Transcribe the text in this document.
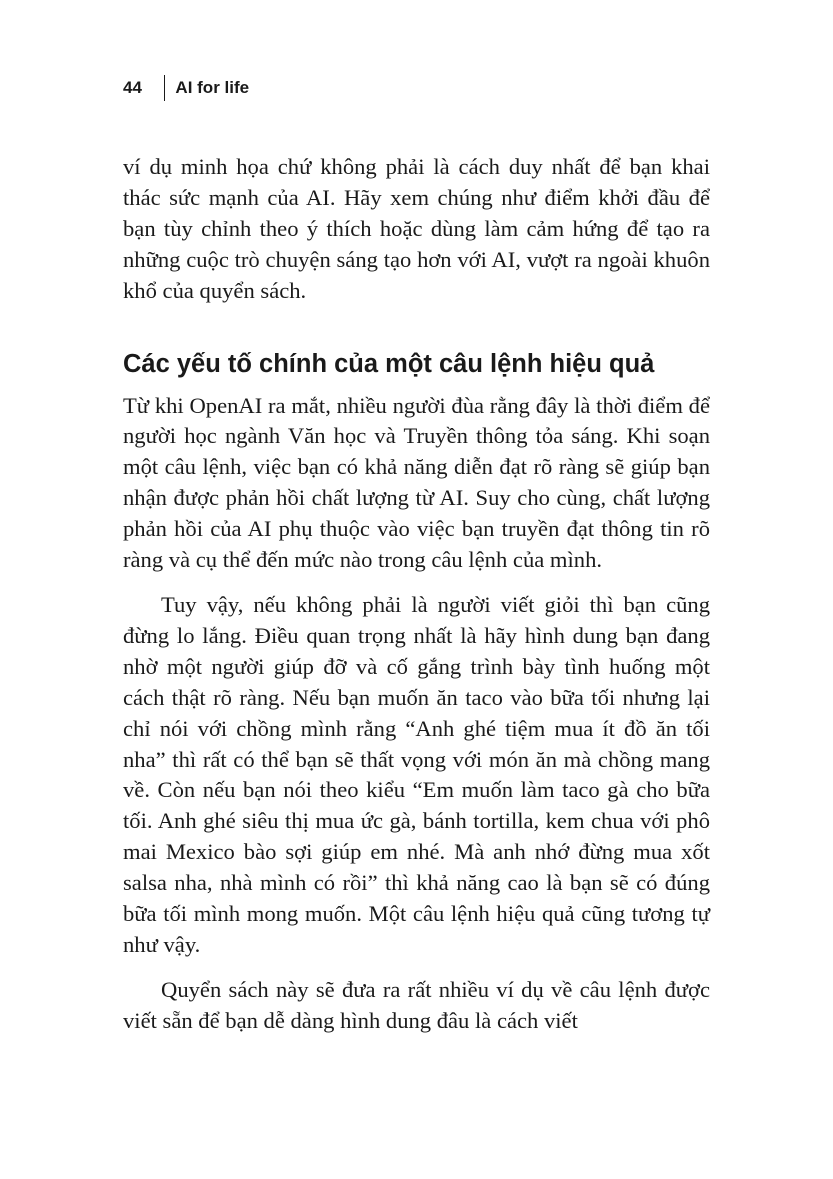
44 AI for life

ví dụ minh họa chứ không phải là cách duy nhất để bạn khai thác sức mạnh của AI. Hãy xem chúng như điểm khởi đầu để bạn tùy chỉnh theo ý thích hoặc dùng làm cảm hứng để tạo ra những cuộc trò chuyện sáng tạo hơn với AI, vượt ra ngoài khuôn khổ của quyển sách.

Các yếu tố chính của một câu lệnh hiệu quả

Từ khi OpenAI ra mắt, nhiều người đùa rằng đây là thời điểm để người học ngành Văn học và Truyền thông tỏa sáng. Khi soạn một câu lệnh, việc bạn có khả năng diễn đạt rõ ràng sẽ giúp bạn nhận được phản hồi chất lượng từ AI. Suy cho cùng, chất lượng phản hồi của AI phụ thuộc vào việc bạn truyền đạt thông tin rõ ràng và cụ thể đến mức nào trong câu lệnh của mình.

Tuy vậy, nếu không phải là người viết giỏi thì bạn cũng đừng lo lắng. Điều quan trọng nhất là hãy hình dung bạn đang nhờ một người giúp đỡ và cố gắng trình bày tình huống một cách thật rõ ràng. Nếu bạn muốn ăn taco vào bữa tối nhưng lại chỉ nói với chồng mình rằng “Anh ghé tiệm mua ít đồ ăn tối nha” thì rất có thể bạn sẽ thất vọng với món ăn mà chồng mang về. Còn nếu bạn nói theo kiểu “Em muốn làm taco gà cho bữa tối. Anh ghé siêu thị mua ức gà, bánh tortilla, kem chua với phô mai Mexico bào sợi giúp em nhé. Mà anh nhớ đừng mua xốt salsa nha, nhà mình có rồi” thì khả năng cao là bạn sẽ có đúng bữa tối mình mong muốn. Một câu lệnh hiệu quả cũng tương tự như vậy.

Quyển sách này sẽ đưa ra rất nhiều ví dụ về câu lệnh được viết sẵn để bạn dễ dàng hình dung đâu là cách viết
